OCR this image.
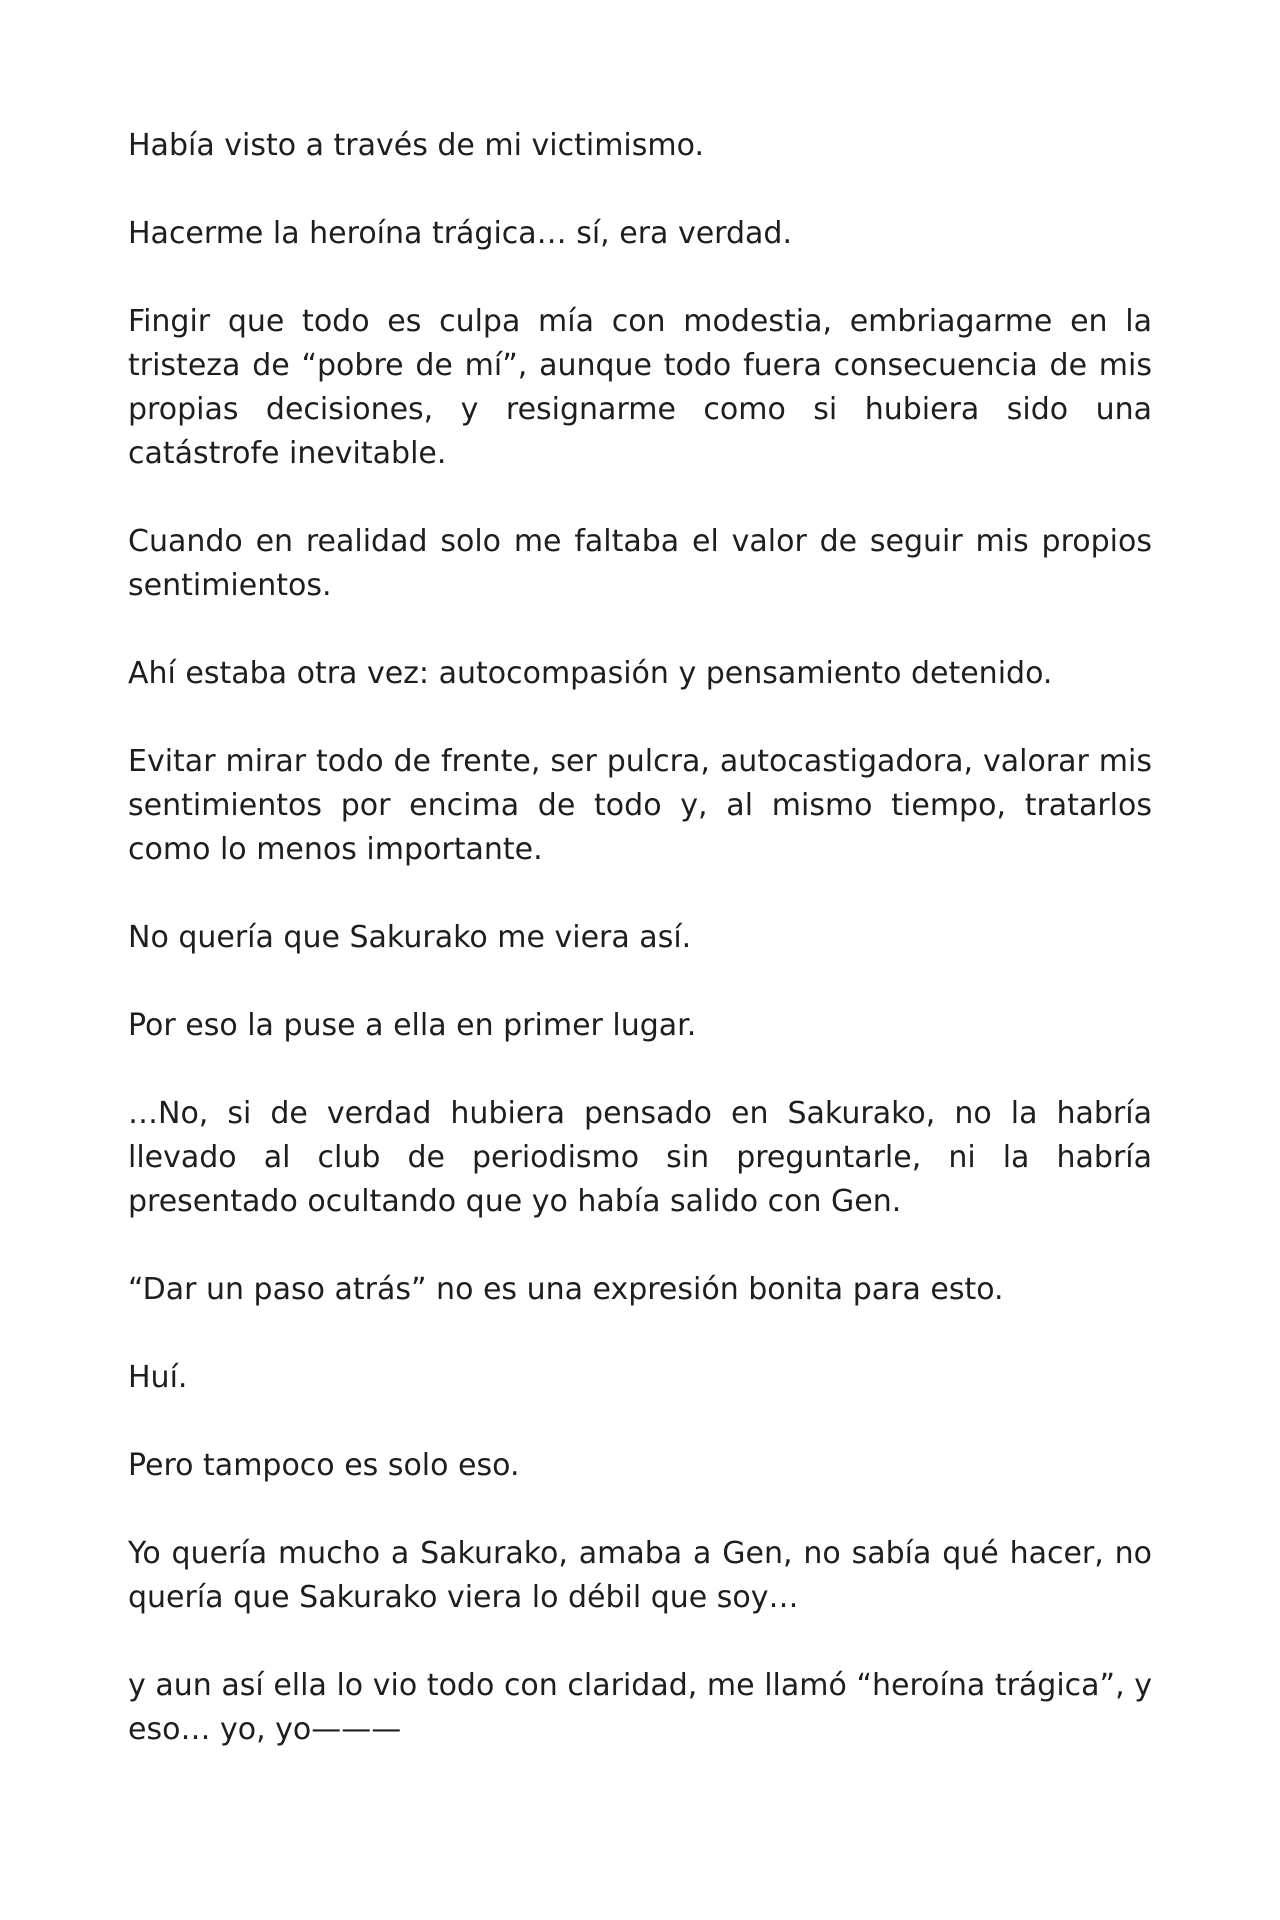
Había visto a través de mi victimismo.

Hacerme la heroína trágica… sí, era verdad.

Fingir que todo es culpa mía con modestia, embriagarme en la tristeza de “pobre de mí”, aunque todo fuera consecuencia de mis propias decisiones, y resignarme como si hubiera sido una catástrofe inevitable.

Cuando en realidad solo me faltaba el valor de seguir mis propios sentimientos.

Ahí estaba otra vez: autocompasión y pensamiento detenido.

Evitar mirar todo de frente, ser pulcra, autocastigadora, valorar mis sentimientos por encima de todo y, al mismo tiempo, tratarlos como lo menos importante.

No quería que Sakurako me viera así.

Por eso la puse a ella en primer lugar.

…No, si de verdad hubiera pensado en Sakurako, no la habría llevado al club de periodismo sin preguntarle, ni la habría presentado ocultando que yo había salido con Gen.

“Dar un paso atrás” no es una expresión bonita para esto.

Huí.

Pero tampoco es solo eso.

Yo quería mucho a Sakurako, amaba a Gen, no sabía qué hacer, no quería que Sakurako viera lo débil que soy…

y aun así ella lo vio todo con claridad, me llamó “heroína trágica”, y eso… yo, yo———
